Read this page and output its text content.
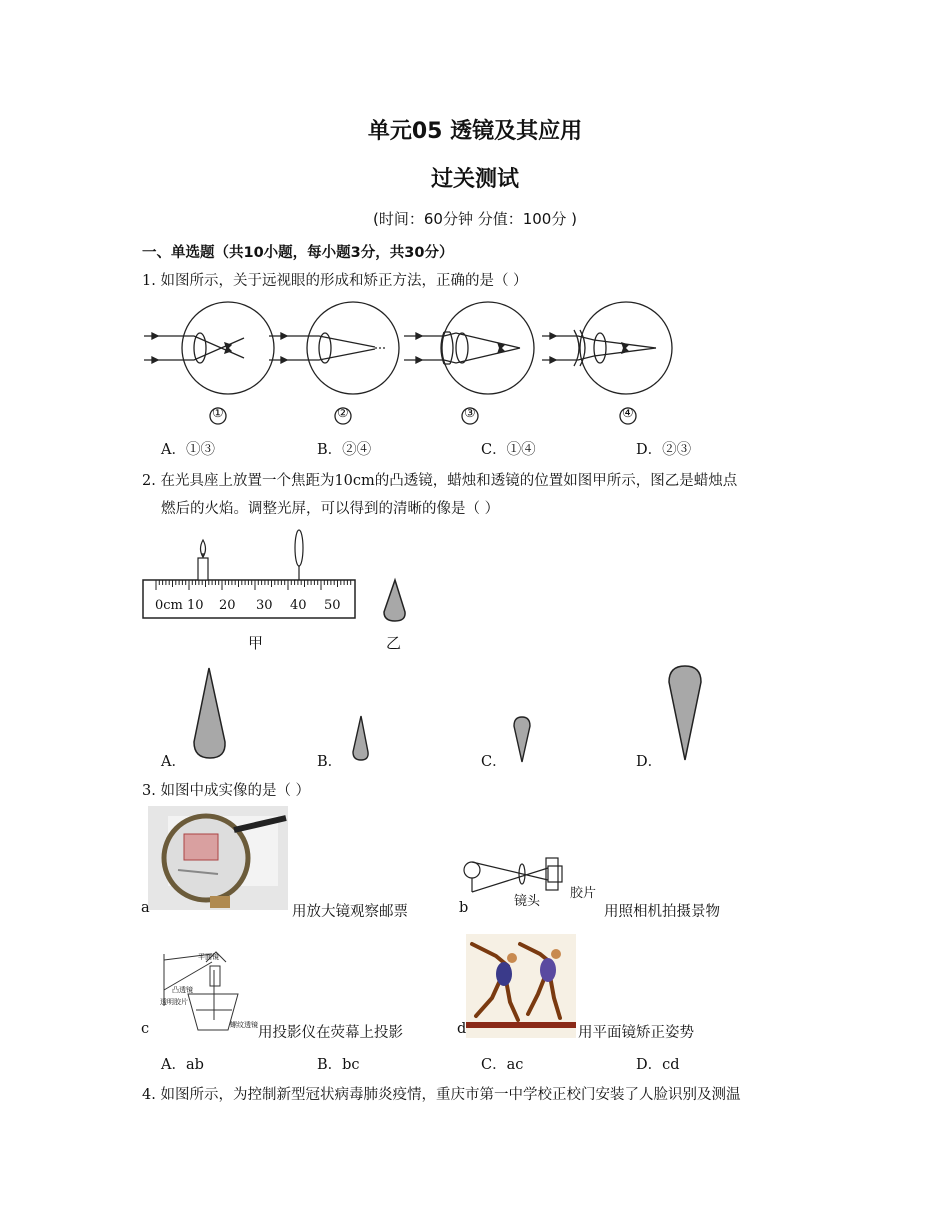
单元05 透镜及其应用
过关测试
(时间：60分钟 分值：100分 )
一、单选题（共10小题，每小题3分，共30分）
1. 如图所示，关于远视眼的形成和矫正方法，正确的是（ ）
①	②	③	④
A．①③	B．②④	C．①④	D．②③
2. 在光具座上放置一个焦距为10cm的凸透镜，蜡烛和透镜的位置如图甲所示，图乙是蜡烛点
燃后的火焰。调整光屏，可以得到的清晰的像是（ ）
0cm 10 20 30 40 50
甲	乙
A．	B．	C．	D．
3. 如图中成实像的是（ ）
a	用放大镜观察邮票
镜头
胶片
b	用照相机拍摄景物
平面镜
凸透镜
透明胶片
螺纹透镜
c	用投影仪在荧幕上投影	d	用平面镜矫正姿势
A．ab	B．bc	C．ac	D．cd
4. 如图所示，为控制新型冠状病毒肺炎疫情，重庆市第一中学校正校门安装了人脸识别及测温
